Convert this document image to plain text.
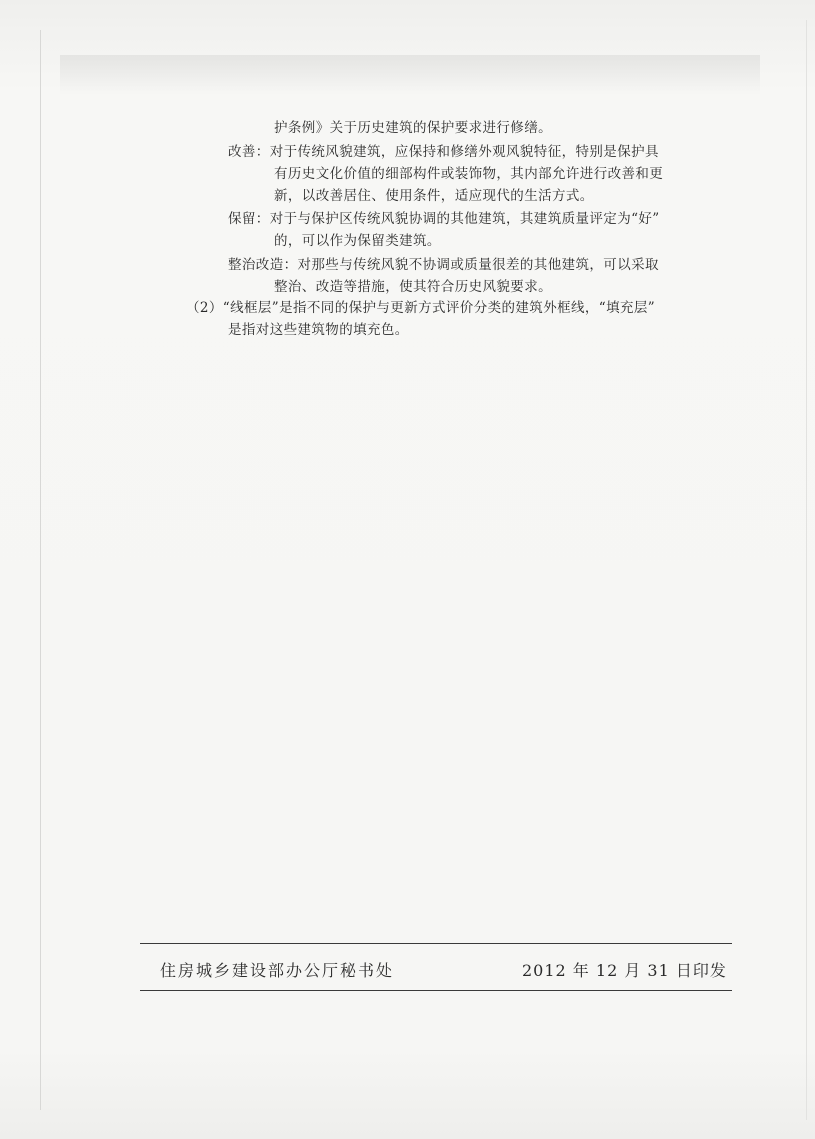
护条例》关于历史建筑的保护要求进行修缮。
改善：对于传统风貌建筑，应保持和修缮外观风貌特征，特别是保护具
有历史文化价值的细部构件或装饰物，其内部允许进行改善和更
新，以改善居住、使用条件，适应现代的生活方式。
保留：对于与保护区传统风貌协调的其他建筑，其建筑质量评定为“好”
的，可以作为保留类建筑。
整治改造：对那些与传统风貌不协调或质量很差的其他建筑，可以采取
整治、改造等措施，使其符合历史风貌要求。
（2）“线框层”是指不同的保护与更新方式评价分类的建筑外框线，“填充层”
是指对这些建筑物的填充色。
住房城乡建设部办公厅秘书处	2012 年 12 月 31 日印发
